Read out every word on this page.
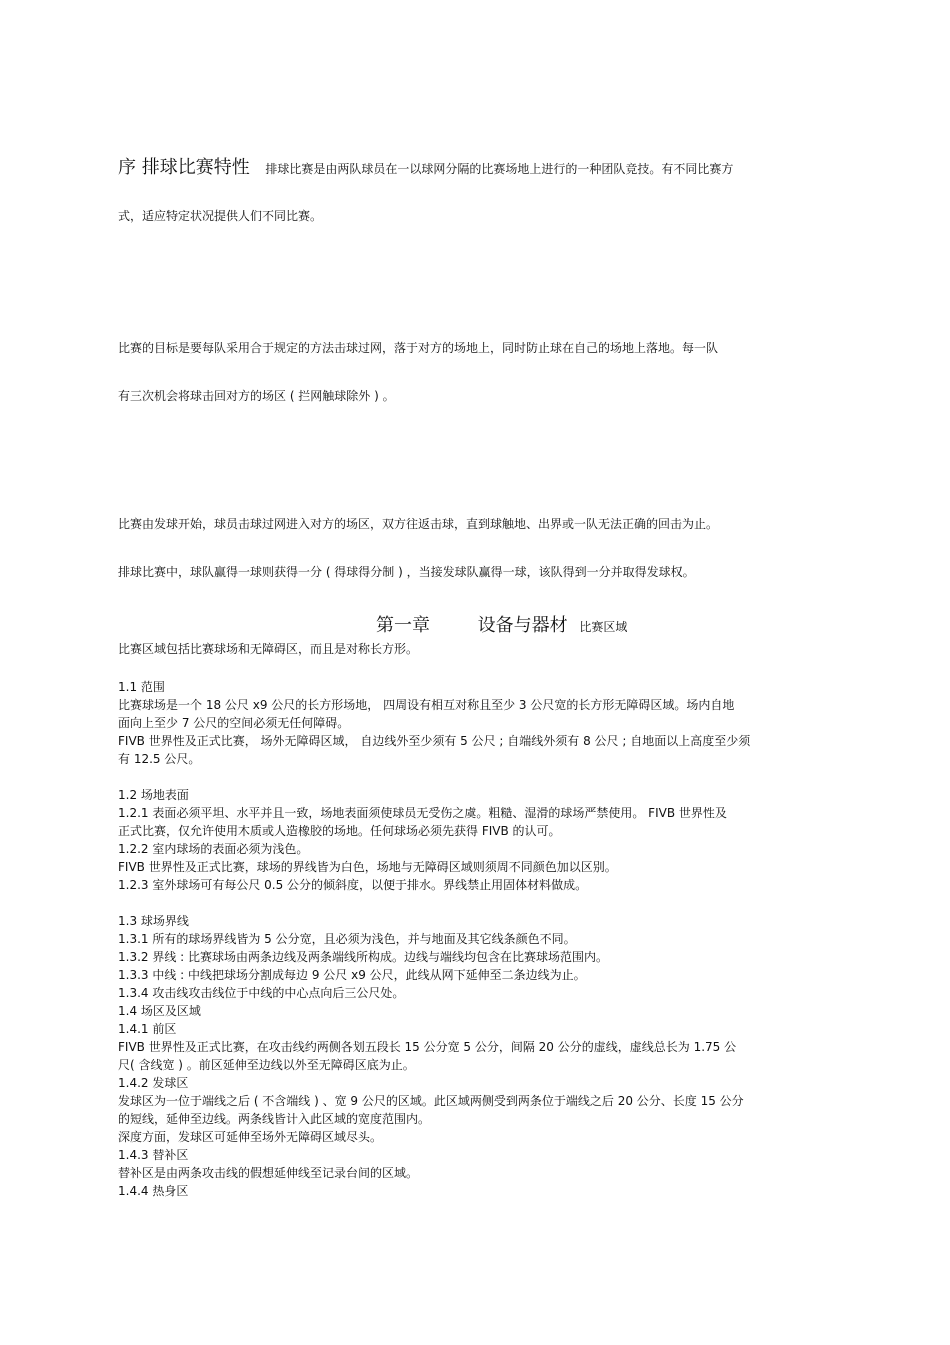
序 排球比赛特性 排球比赛是由两队球员在一以球网分隔的比赛场地上进行的一种团队竞技。有不同比赛方
式，适应特定状况提供人们不同比赛。
比赛的目标是要每队采用合于规定的方法击球过网，落于对方的场地上，同时防止球在自己的场地上落地。每一队
有三次机会将球击回对方的场区 ( 拦网触球除外 ) 。
比赛由发球开始，球员击球过网进入对方的场区，双方往返击球，直到球触地、出界或一队无法正确的回击为止。
排球比赛中，球队赢得一球则获得一分 ( 得球得分制 ) ，当接发球队赢得一球，该队得到一分并取得发球权。
第一章	设备与器材 比赛区域
比赛区域包括比赛球场和无障碍区，而且是对称长方形。
1.1 范围
比赛球场是一个 18 公尺 x9 公尺的长方形场地， 四周设有相互对称且至少 3 公尺宽的长方形无障碍区域。场内自地
面向上至少 7 公尺的空间必须无任何障碍。
FIVB 世界性及正式比赛， 场外无障碍区域， 自边线外至少须有 5 公尺 ; 自端线外须有 8 公尺 ; 自地面以上高度至少须
有 12.5 公尺。
1.2 场地表面
1.2.1 表面必须平坦、水平并且一致，场地表面须使球员无受伤之虞。粗糙、湿滑的球场严禁使用。 FIVB 世界性及
正式比赛，仅允许使用木质或人造橡胶的场地。任何球场必须先获得 FIVB 的认可。
1.2.2 室内球场的表面必须为浅色。
FIVB 世界性及正式比赛，球场的界线皆为白色，场地与无障碍区域则须周不同颜色加以区别。
1.2.3 室外球场可有每公尺 0.5 公分的倾斜度，以便于排水。界线禁止用固体材料做成。
1.3 球场界线
1.3.1 所有的球场界线皆为 5 公分宽，且必须为浅色，并与地面及其它线条颜色不同。
1.3.2 界线 : 比赛球场由两条边线及两条端线所构成。边线与端线均包含在比赛球场范围内。
1.3.3 中线 : 中线把球场分割成每边 9 公尺 x9 公尺，此线从网下延伸至二条边线为止。
1.3.4 攻击线攻击线位于中线的中心点向后三公尺处。
1.4 场区及区域
1.4.1 前区
FIVB 世界性及正式比赛，在攻击线约两侧各划五段长 15 公分宽 5 公分，间隔 20 公分的虚线，虚线总长为 1.75 公
尺( 含线宽 ) 。前区延伸至边线以外至无障碍区底为止。
1.4.2 发球区
发球区为一位于端线之后 ( 不含端线 ) 、宽 9 公尺的区域。此区域两侧受到两条位于端线之后 20 公分、长度 15 公分
的短线，延伸至边线。两条线皆计入此区域的宽度范围内。
深度方面，发球区可延伸至场外无障碍区域尽头。
1.4.3 替补区
替补区是由两条攻击线的假想延伸线至记录台间的区域。
1.4.4 热身区
